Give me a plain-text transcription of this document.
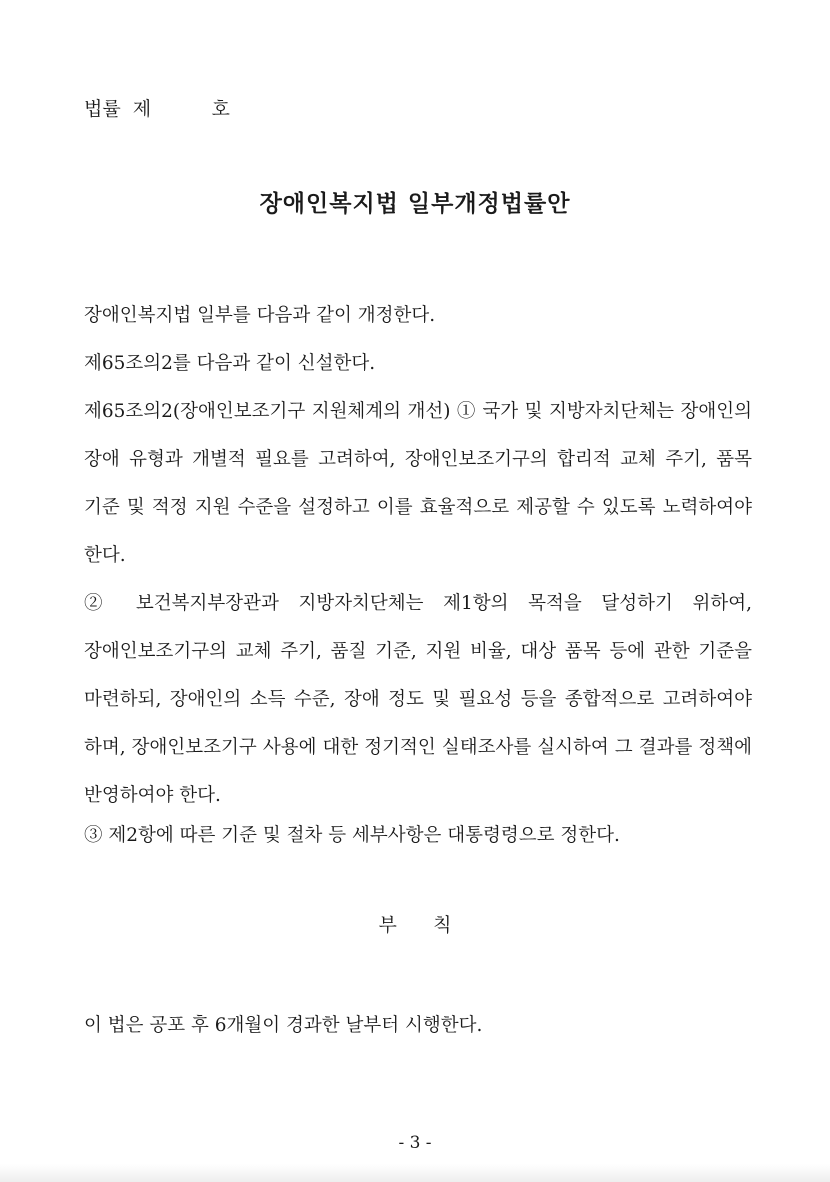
법률  제          호
장애인복지법 일부개정법률안
장애인복지법 일부를 다음과 같이 개정한다.
제65조의2를 다음과 같이 신설한다.
제65조의2(장애인보조기구 지원체계의 개선) ① 국가 및 지방자치단체는 장애인의 장애 유형과 개별적 필요를 고려하여, 장애인보조기구의 합리적 교체 주기, 품목 기준 및 적정 지원 수준을 설정하고 이를 효율적으로 제공할 수 있도록 노력하여야 한다.
② 보건복지부장관과 지방자치단체는 제1항의 목적을 달성하기 위하여, 장애인보조기구의 교체 주기, 품질 기준, 지원 비율, 대상 품목 등에 관한 기준을 마련하되, 장애인의 소득 수준, 장애 정도 및 필요성 등을 종합적으로 고려하여야 하며, 장애인보조기구 사용에 대한 정기적인 실태조사를 실시하여 그 결과를 정책에 반영하여야 한다.
③ 제2항에 따른 기준 및 절차 등 세부사항은 대통령령으로 정한다.
부      칙
이 법은 공포 후 6개월이 경과한 날부터 시행한다.
- 3 -
